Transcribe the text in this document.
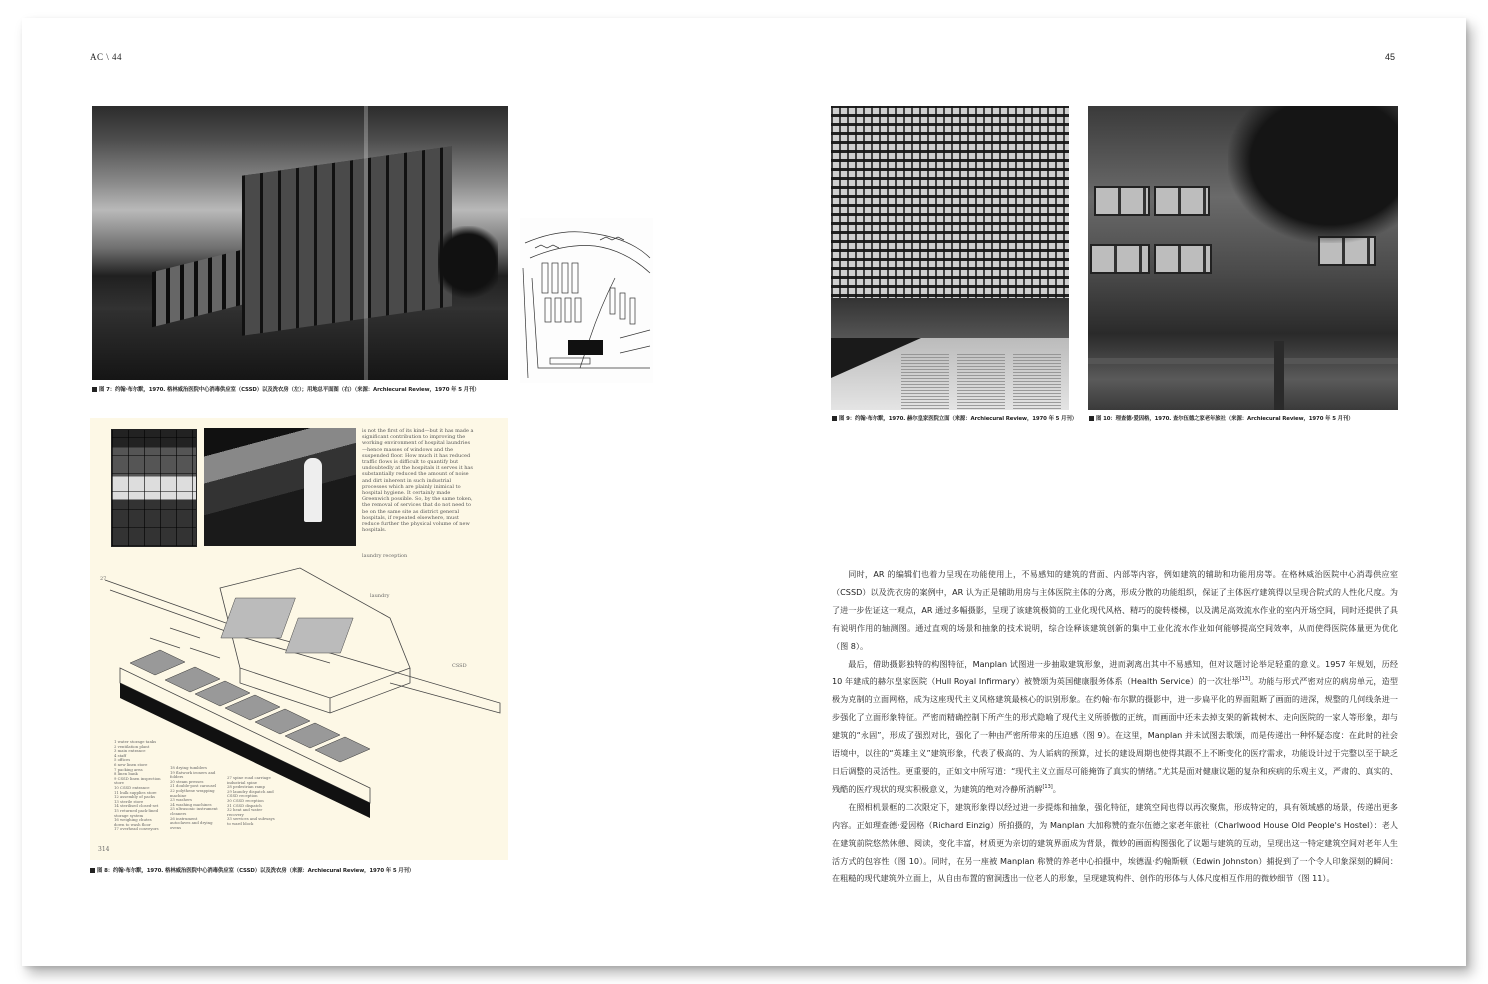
AC \ 44	45
图 7：约翰·布尔默，1970. 格林威治医院中心消毒供应室（CSSD）以及洗衣房（左）；用地总平面图（右）（来源：Archiecural Review，1970 年 5 月刊）
is not the first of its kind—but it has made a significant contribution to improving the working environment of hospital laundries—hence masses of windows and the suspended floor. How much it has reduced traffic flows is difficult to quantify but undoubtedly at the hospitals it serves it has substantially reduced the amount of noise and dirt inherent in such industrial processes which are plainly inimical to hospital hygiene. It certainly made Greenwich possible. So, by the same token, the removal of services that do not need to be on the same site as district general hospitals, if repeated elsewhere, must reduce further the physical volume of new hospitals.
laundry reception
laundry
CSSD
27
1 water storage tanks
2 ventilation plant
3 main entrance
4 staff
5 offices
6 new linen store
7 packing area
8 linen bank
9 CSSD linen inspection store
10 CSSD entrance
11 bulk supplies store
12 assembly of packs
13 sterile store
14 sterilised closed-set
15 returned pack-lined storage system
16 weighing chutes down to wash floor
17 overhead conveyors
18 drying tumblers
19 flatwork ironers and folders
20 steam presses
21 double-post carousel
22 polythene wrapping machine
23 washers
24 washing machines
25 ultrasonic instrument cleaners
26 instrument autoclaves and drying ovens
27 spine road carriage industrial spine
28 pedestrian ramp
29 laundry dispatch and CSSD reception
30 CSSD reception
31 CSSD dispatch
32 heat and water recovery
33 services and subways to ward block
314
图 8：约翰·布尔默，1970. 格林威治医院中心消毒供应室（CSSD）以及洗衣房（来源：Archiecural Review，1970 年 5 月刊）
图 9：约翰·布尔默，1970. 赫尔皇家医院立面（来源：Archiecural Review，1970 年 5 月刊）	图 10：理查德·爱因格，1970. 查尔伍德之家老年旅社（来源：Archiecural Review，1970 年 5 月刊）

同时，AR 的编辑们也着力呈现在功能使用上，不易感知的建筑的背面、内部等内容，例如建筑的辅助和功能用房等。在格林威治医院中心消毒供应室（CSSD）以及洗衣房的案例中，AR 认为正是辅助用房与主体医院主体的分离，形成分散的功能组织，保证了主体医疗建筑得以呈现合院式的人性化尺度。为了进一步佐证这一观点，AR 通过多幅摄影，呈现了该建筑极简的工业化现代风格、精巧的旋转楼梯，以及满足高效流水作业的室内开场空间，同时还提供了具有说明作用的轴测图。通过直观的场景和抽象的技术说明，综合诠释该建筑创新的集中工业化流水作业如何能够提高空间效率，从而使得医院体量更为优化（图 8）。

最后，借助摄影独特的构图特征，Manplan 试图进一步抽取建筑形象，进而剥离出其中不易感知，但对议题讨论举足轻重的意义。1957 年规划，历经 10 年建成的赫尔皇家医院（Hull Royal Infirmary）被赞颂为英国健康服务体系（Health Service）的一次壮举[13]。功能与形式严密对应的病房单元，造型极为克制的立面网格，成为这座现代主义风格建筑最核心的识别形象。在约翰·布尔默的摄影中，进一步扁平化的界面阻断了画面的进深，规整的几何线条进一步强化了立面形象特征。严密而精确控制下所产生的形式隐喻了现代主义所骄傲的正统，而画面中还未去掉支架的新栽树木、走向医院的一家人等形象，却与建筑的“永固”，形成了强烈对比，强化了一种由严密所带来的压迫感（图 9）。在这里，Manplan 并未试图去歌颂，而是传递出一种怀疑态度：在此时的社会语境中，以往的“英雄主义”建筑形象，代表了极高的、为人诟病的预算，过长的建设周期也使得其跟不上不断变化的医疗需求，功能设计过于完整以至于缺乏日后调整的灵活性。更重要的，正如文中所写道：“现代主义立面尽可能掩饰了真实的情绪。”尤其是面对健康议题的复杂和疾病的乐观主义，严肃的、真实的、残酷的医疗现状的现实积极意义，为建筑的绝对冷静所消解[13]。

在照相机景框的二次限定下，建筑形象得以经过进一步提炼和抽象，强化特征，建筑空间也得以再次聚焦，形成特定的，具有领域感的场景，传递出更多内容。正如理查德·爱因格（Richard Einzig）所拍摄的，为 Manplan 大加称赞的查尔伍德之家老年旅社（Charlwood House Old People's Hostel）：老人在建筑前院悠然休憩、阅读，变化丰富，材质更为亲切的建筑界面成为背景，微妙的画面构图强化了议题与建筑的互动，呈现出这一特定建筑空间对老年人生活方式的包容性（图 10）。同时，在另一座被 Manplan 称赞的养老中心拍摄中，埃德温·约翰斯顿（Edwin Johnston）捕捉到了一个令人印象深刻的瞬间：在粗糙的现代建筑外立面上，从自由布置的窗洞透出一位老人的形象，呈现建筑构件、创作的形体与人体尺度相互作用的微妙细节（图 11）。
